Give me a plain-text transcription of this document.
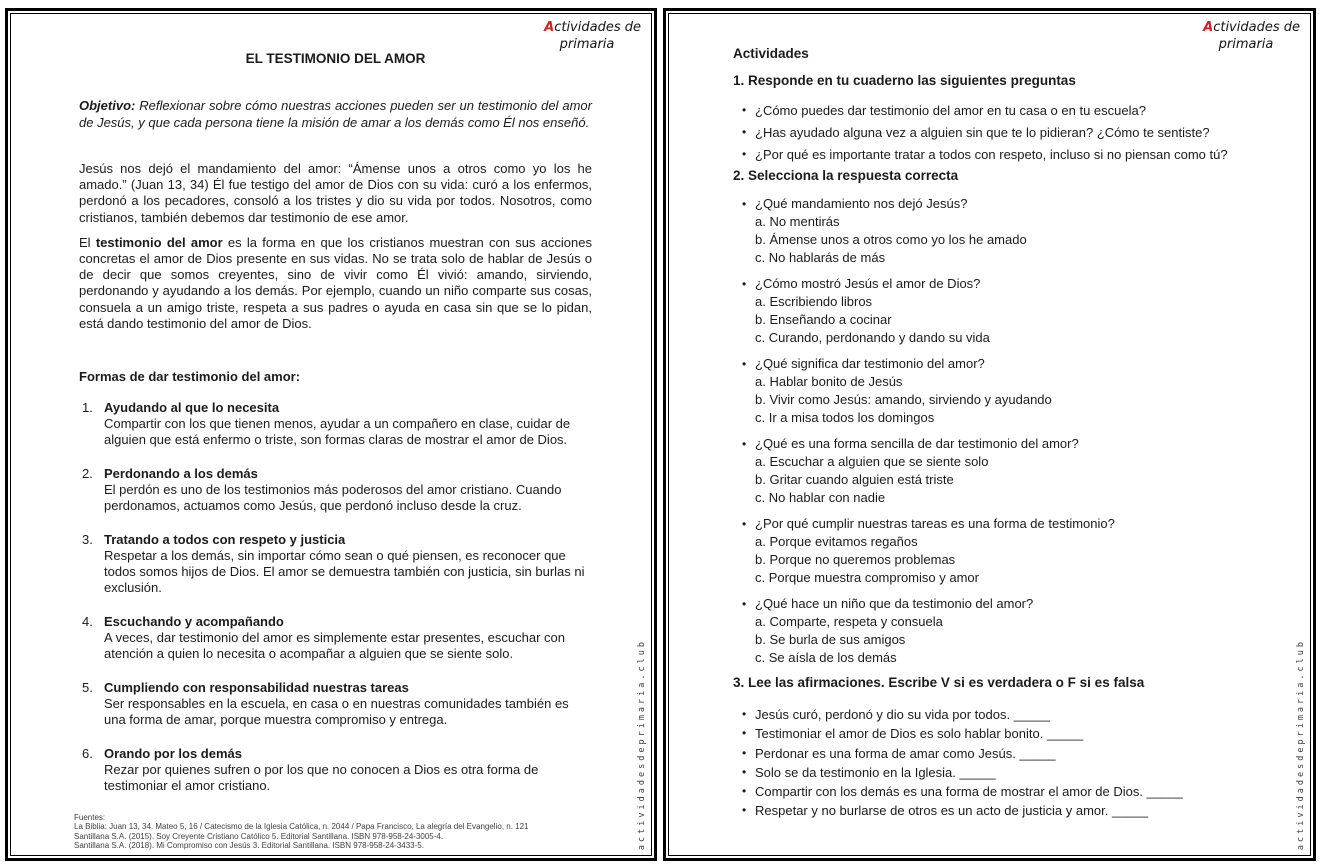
Actividades de
primaria
EL TESTIMONIO DEL AMOR

Objetivo: Reflexionar sobre cómo nuestras acciones pueden ser un testimonio del amor de Jesús, y que cada persona tiene la misión de amar a los demás como Él nos enseñó.

Jesús nos dejó el mandamiento del amor: “Ámense unos a otros como yo los he amado.” (Juan 13, 34) Él fue testigo del amor de Dios con su vida: curó a los enfermos, perdonó a los pecadores, consoló a los tristes y dio su vida por todos. Nosotros, como cristianos, también debemos dar testimonio de ese amor.

El testimonio del amor es la forma en que los cristianos muestran con sus acciones concretas el amor de Dios presente en sus vidas. No se trata solo de hablar de Jesús o de decir que somos creyentes, sino de vivir como Él vivió: amando, sirviendo, perdonando y ayudando a los demás. Por ejemplo, cuando un niño comparte sus cosas, consuela a un amigo triste, respeta a sus padres o ayuda en casa sin que se lo pidan, está dando testimonio del amor de Dios.

Formas de dar testimonio del amor:
1. Ayudando al que lo necesita
Compartir con los que tienen menos, ayudar a un compañero en clase, cuidar de alguien que está enfermo o triste, son formas claras de mostrar el amor de Dios.
2. Perdonando a los demás
El perdón es uno de los testimonios más poderosos del amor cristiano. Cuando perdonamos, actuamos como Jesús, que perdonó incluso desde la cruz.
3. Tratando a todos con respeto y justicia
Respetar a los demás, sin importar cómo sean o qué piensen, es reconocer que todos somos hijos de Dios. El amor se demuestra también con justicia, sin burlas ni exclusión.
4. Escuchando y acompañando
A veces, dar testimonio del amor es simplemente estar presentes, escuchar con atención a quien lo necesita o acompañar a alguien que se siente solo.
5. Cumpliendo con responsabilidad nuestras tareas
Ser responsables en la escuela, en casa o en nuestras comunidades también es una forma de amar, porque muestra compromiso y entrega.
6. Orando por los demás
Rezar por quienes sufren o por los que no conocen a Dios es otra forma de testimoniar el amor cristiano.
Fuentes:
La Biblia: Juan 13, 34. Mateo 5, 16 / Catecismo de la Iglesia Católica, n. 2044 / Papa Francisco, La alegría del Evangelio, n. 121
Santillana S.A. (2015). Soy Creyente Cristiano Católico 5. Editorial Santillana. ISBN 978-958-24-3005-4.
Santillana S.A. (2018). Mi Compromiso con Jesús 3. Editorial Santillana. ISBN 978-958-24-3433-5.	actividadesdeprimaria.club
Actividades de
primaria
Actividades
1. Responde en tu cuaderno las siguientes preguntas
• ¿Cómo puedes dar testimonio del amor en tu casa o en tu escuela?
• ¿Has ayudado alguna vez a alguien sin que te lo pidieran? ¿Cómo te sentiste?
• ¿Por qué es importante tratar a todos con respeto, incluso si no piensan como tú?
2. Selecciona la respuesta correcta
• ¿Qué mandamiento nos dejó Jesús?
a. No mentirás
b. Ámense unos a otros como yo los he amado
c. No hablarás de más
• ¿Cómo mostró Jesús el amor de Dios?
a. Escribiendo libros
b. Enseñando a cocinar
c. Curando, perdonando y dando su vida
• ¿Qué significa dar testimonio del amor?
a. Hablar bonito de Jesús
b. Vivir como Jesús: amando, sirviendo y ayudando
c. Ir a misa todos los domingos
• ¿Qué es una forma sencilla de dar testimonio del amor?
a. Escuchar a alguien que se siente solo
b. Gritar cuando alguien está triste
c. No hablar con nadie
• ¿Por qué cumplir nuestras tareas es una forma de testimonio?
a. Porque evitamos regaños
b. Porque no queremos problemas
c. Porque muestra compromiso y amor
• ¿Qué hace un niño que da testimonio del amor?
a. Comparte, respeta y consuela
b. Se burla de sus amigos
c. Se aísla de los demás
3. Lee las afirmaciones. Escribe V si es verdadera o F si es falsa
• Jesús curó, perdonó y dio su vida por todos. _____
• Testimoniar el amor de Dios es solo hablar bonito. _____
• Perdonar es una forma de amar como Jesús. _____
• Solo se da testimonio en la Iglesia. _____
• Compartir con los demás es una forma de mostrar el amor de Dios. _____
• Respetar y no burlarse de otros es un acto de justicia y amor. _____	actividadesdeprimaria.club
